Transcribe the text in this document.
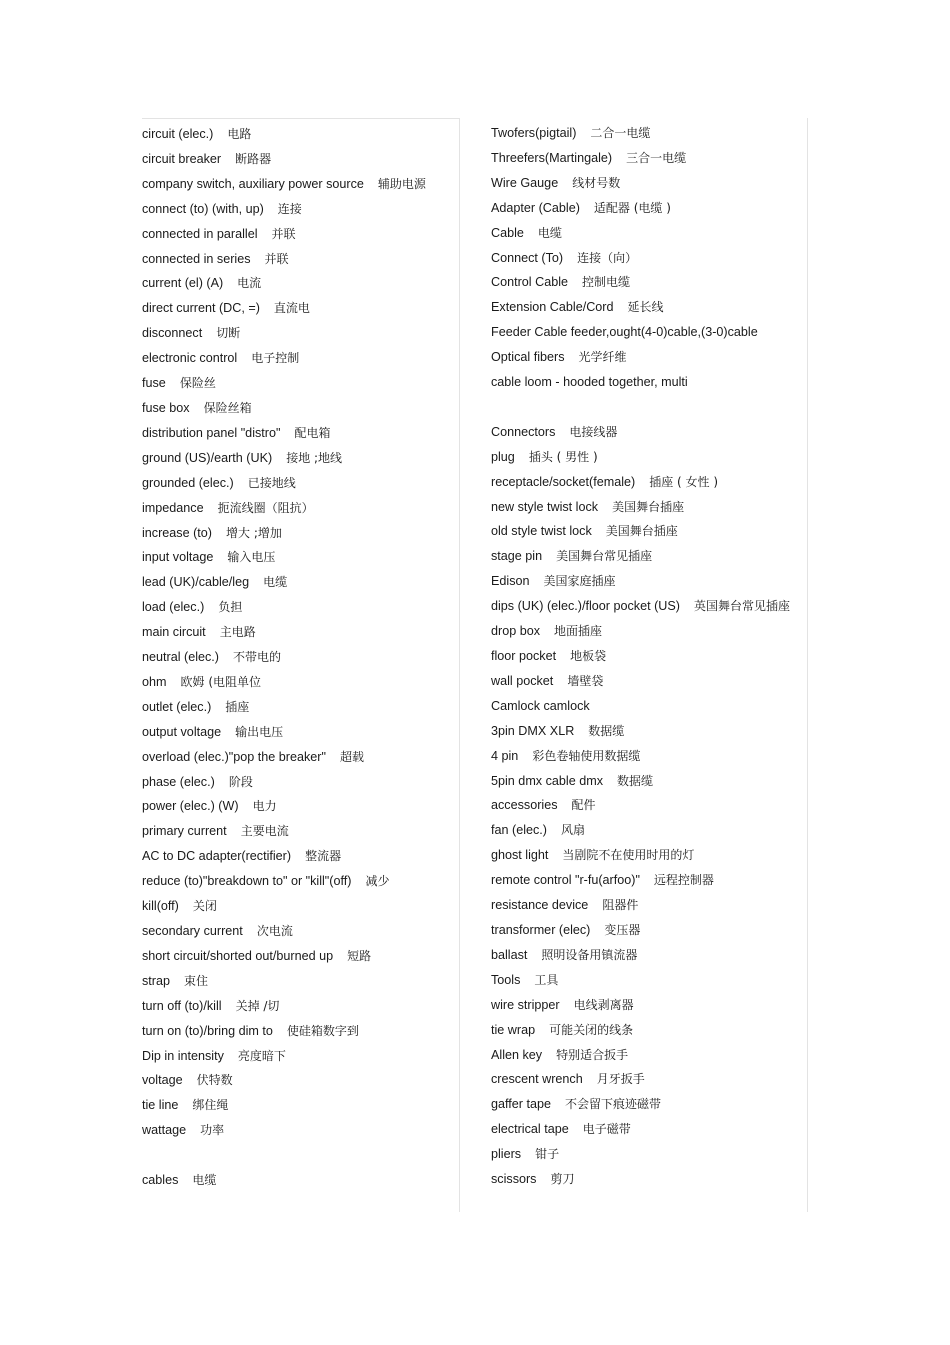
circuit (elec.) 电路
circuit breaker 断路器
company switch, auxiliary power source 辅助电源
connect (to) (with, up) 连接
connected in parallel 并联
connected in series 并联
current (el) (A) 电流
direct current (DC, =) 直流电
disconnect 切断
electronic control 电子控制
fuse 保险丝
fuse box 保险丝箱
distribution panel "distro" 配电箱
ground (US)/earth (UK) 接地 ;地线
grounded (elec.) 已接地线
impedance 扼流线圈（阻抗）
increase (to) 增大 ;增加
input voltage 输入电压
lead (UK)/cable/leg 电缆
load (elec.) 负担
main circuit 主电路
neutral (elec.) 不带电的
ohm 欧姆 (电阻单位
outlet (elec.) 插座
output voltage 输出电压
overload (elec.)"pop the breaker" 超载
phase (elec.) 阶段
power (elec.) (W) 电力
primary current 主要电流
AC to DC adapter(rectifier) 整流器
reduce (to)"breakdown to" or "kill"(off) 减少
kill(off) 关闭
secondary current 次电流
short circuit/shorted out/burned up 短路
strap 束住
turn off (to)/kill 关掉 /切
turn on (to)/bring dim to 使硅箱数字到
Dip in intensity 亮度暗下
voltage 伏特数
tie line 绑住绳
wattage 功率
cables 电缆
Twofers(pigtail) 二合一电缆
Threefers(Martingale) 三合一电缆
Wire Gauge 线材号数
Adapter (Cable) 适配器 (电缆 )
Cable 电缆
Connect (To) 连接（向）
Control Cable 控制电缆
Extension Cable/Cord 延长线
Feeder Cable feeder,ought(4-0)cable,(3-0)cable
Optical fibers 光学纤维
cable loom - hooded together, multi
Connectors 电接线器
plug 插头 ( 男性 )
receptacle/socket(female) 插座 ( 女性 )
new style twist lock 美国舞台插座
old style twist lock 美国舞台插座
stage pin 美国舞台常见插座
Edison 美国家庭插座
dips (UK) (elec.)/floor pocket (US) 英国舞台常见插座
drop box 地面插座
floor pocket 地板袋
wall pocket 墙壁袋
Camlock camlock
3pin DMX XLR 数据缆
4 pin 彩色卷轴使用数据缆
5pin dmx cable dmx 数据缆
accessories 配件
fan (elec.) 风扇
ghost light 当剧院不在使用时用的灯
remote control "r-fu(arfoo)" 远程控制器
resistance device 阻器件
transformer (elec) 变压器
ballast 照明设备用镇流器
Tools 工具
wire stripper 电线剥离器
tie wrap 可能关闭的线条
Allen key 特别适合扳手
crescent wrench 月牙扳手
gaffer tape 不会留下痕迹磁带
electrical tape 电子磁带
pliers 钳子
scissors 剪刀
